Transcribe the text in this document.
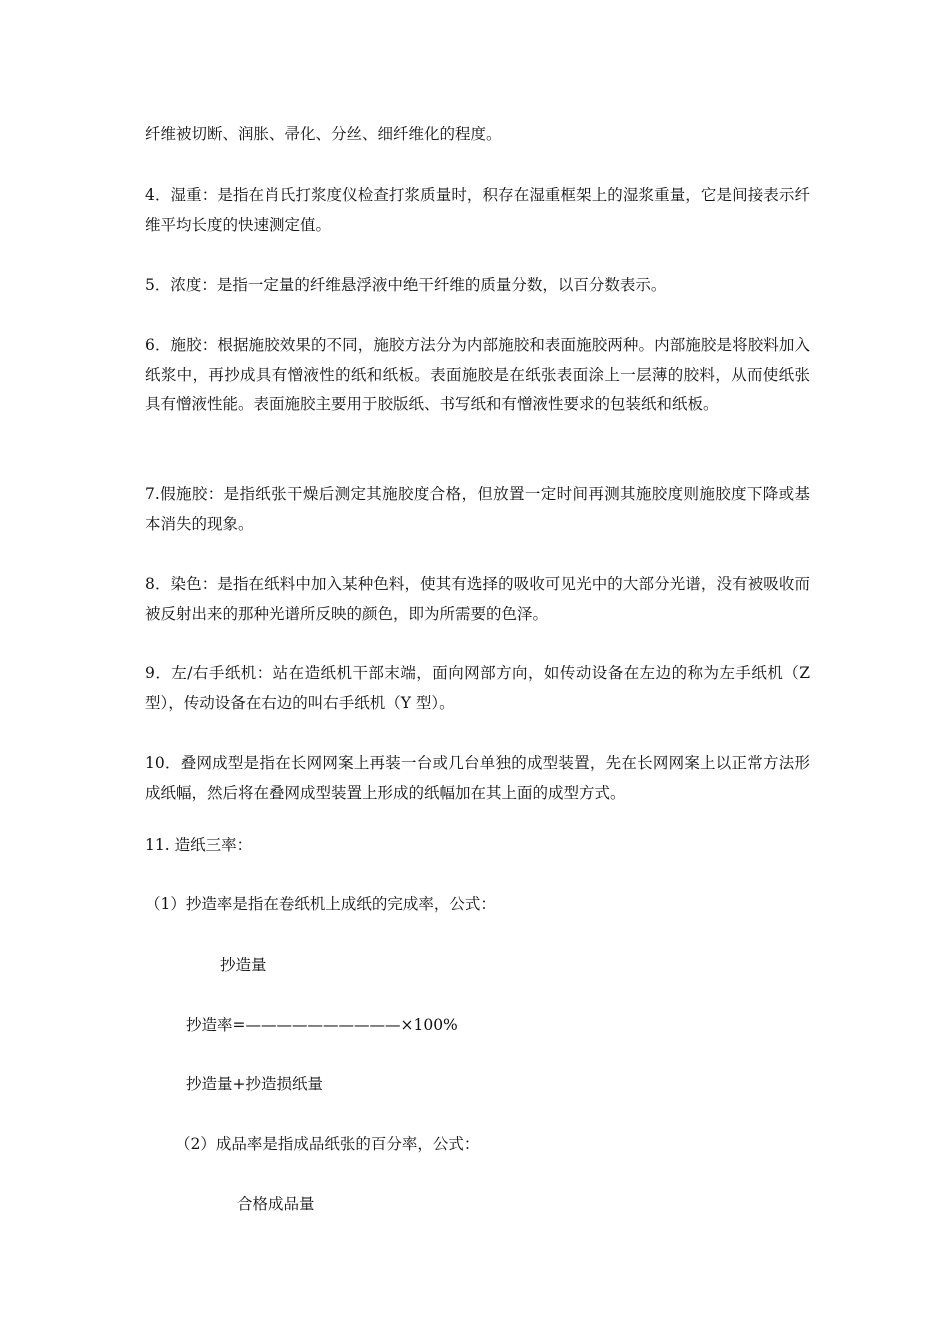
纤维被切断、润胀、帚化、分丝、细纤维化的程度。

4．湿重：是指在肖氏打浆度仪检查打浆质量时，积存在湿重框架上的湿浆重量，它是间接表示纤维平均长度的快速测定值。

5．浓度：是指一定量的纤维悬浮液中绝干纤维的质量分数，以百分数表示。

6．施胶：根据施胶效果的不同，施胶方法分为内部施胶和表面施胶两种。内部施胶是将胶料加入纸浆中，再抄成具有憎液性的纸和纸板。表面施胶是在纸张表面涂上一层薄的胶料，从而使纸张具有憎液性能。表面施胶主要用于胶版纸、书写纸和有憎液性要求的包装纸和纸板。

7.假施胶：是指纸张干燥后测定其施胶度合格，但放置一定时间再测其施胶度则施胶度下降或基本消失的现象。

8．染色：是指在纸料中加入某种色料，使其有选择的吸收可见光中的大部分光谱，没有被吸收而被反射出来的那种光谱所反映的颜色，即为所需要的色泽。

9．左/右手纸机：站在造纸机干部末端，面向网部方向，如传动设备在左边的称为左手纸机（Z 型），传动设备在右边的叫右手纸机（Y 型）。

10．叠网成型是指在长网网案上再装一台或几台单独的成型装置，先在长网网案上以正常方法形成纸幅，然后将在叠网成型装置上形成的纸幅加在其上面的成型方式。

11. 造纸三率：

（1）抄造率是指在卷纸机上成纸的完成率，公式：

抄造量

抄造率=——————————×100%

抄造量+抄造损纸量

（2）成品率是指成品纸张的百分率，公式：

合格成品量
